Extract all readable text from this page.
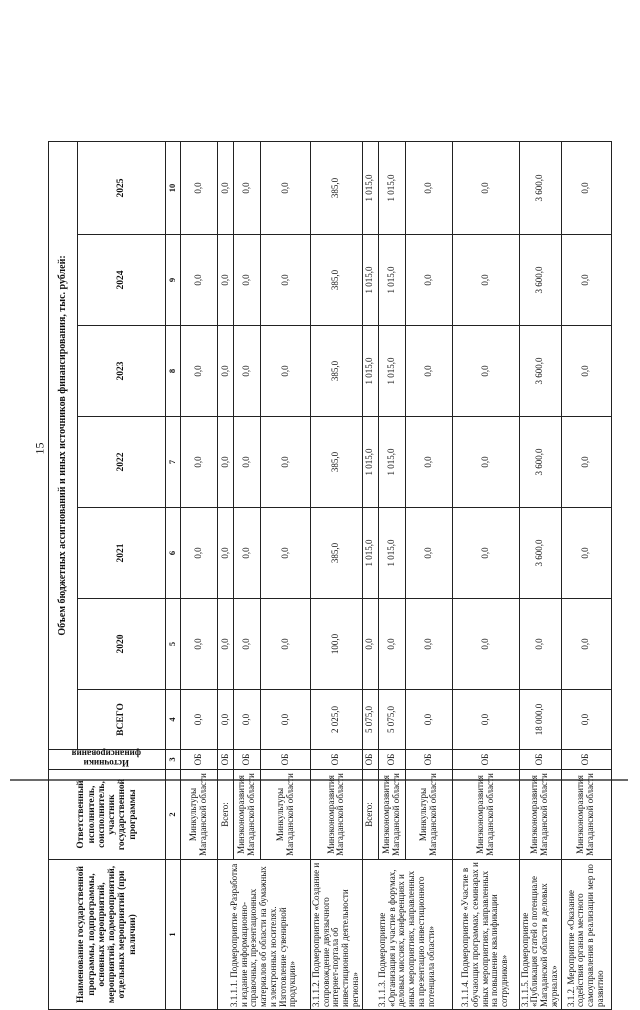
15
Наименование государственной программы, подпрограммы, основных мероприятий, мероприятий, подмероприятий, отдельных мероприятий (при наличии)	Ответственный исполнитель, соисполнитель, участник государственной программы	Источники финансирования	Объем бюджетных ассигнований и иных источников финансирования, тыс. рублей:						
			ВСЕГО	2020	2021	2022	2023	2024	2025
1	2	3	4	5	6	7	8	9	10
	Минкультуры Магаданской области	ОБ	0,0	0,0	0,0	0,0	0,0	0,0	0,0
3.1.1.1. Подмероприятие «Разработка и издание информационно-справочных, презентационных материалов об области на бумажных и электронных носителях. Изготовление сувенирной продукции»	Всего:	ОБ	0,0	0,0	0,0	0,0	0,0	0,0	0,0
	Минэкономразвития Магаданской области	ОБ	0,0	0,0	0,0	0,0	0,0	0,0	0,0
	Минкультуры Магаданской области	ОБ	0,0	0,0	0,0	0,0	0,0	0,0	0,0
3.1.1.2. Подмероприятие «Создание и сопровождение двуязычного интернет-портала об инвестиционной деятельности региона»	Минэкономразвития Магаданской области	ОБ	2 025,0	100,0	385,0	385,0	385,0	385,0	385,0
3.1.1.3. Подмероприятие «Организация и участие в форумах, деловых миссиях, конференциях и иных мероприятиях, направленных на презентацию инвестиционного потенциала области»	Всего:	ОБ	5 075,0	0,0	1 015,0	1 015,0	1 015,0	1 015,0	1 015,0
	Минэкономразвития Магаданской области	ОБ	5 075,0	0,0	1 015,0	1 015,0	1 015,0	1 015,0	1 015,0
	Минкультуры Магаданской области	ОБ	0,0	0,0	0,0	0,0	0,0	0,0	0,0
3.1.1.4. Подмероприятие «Участие в обучающих программах, семинарах и иных мероприятиях, направленных на повышение квалификации сотрудников»	Минэкономразвития Магаданской области	ОБ	0,0	0,0	0,0	0,0	0,0	0,0	0,0
3.1.1.5. Подмероприятие «Публикация статей о потенциале Магаданской области в деловых журналах»	Минэкономразвития Магаданской области	ОБ	18 000,0	0,0	3 600,0	3 600,0	3 600,0	3 600,0	3 600,0
3.1.2. Мероприятие «Оказание содействия органам местного самоуправления в реализации мер по развитию	Минэкономразвития Магаданской области	ОБ	0,0	0,0	0,0	0,0	0,0	0,0	0,0
